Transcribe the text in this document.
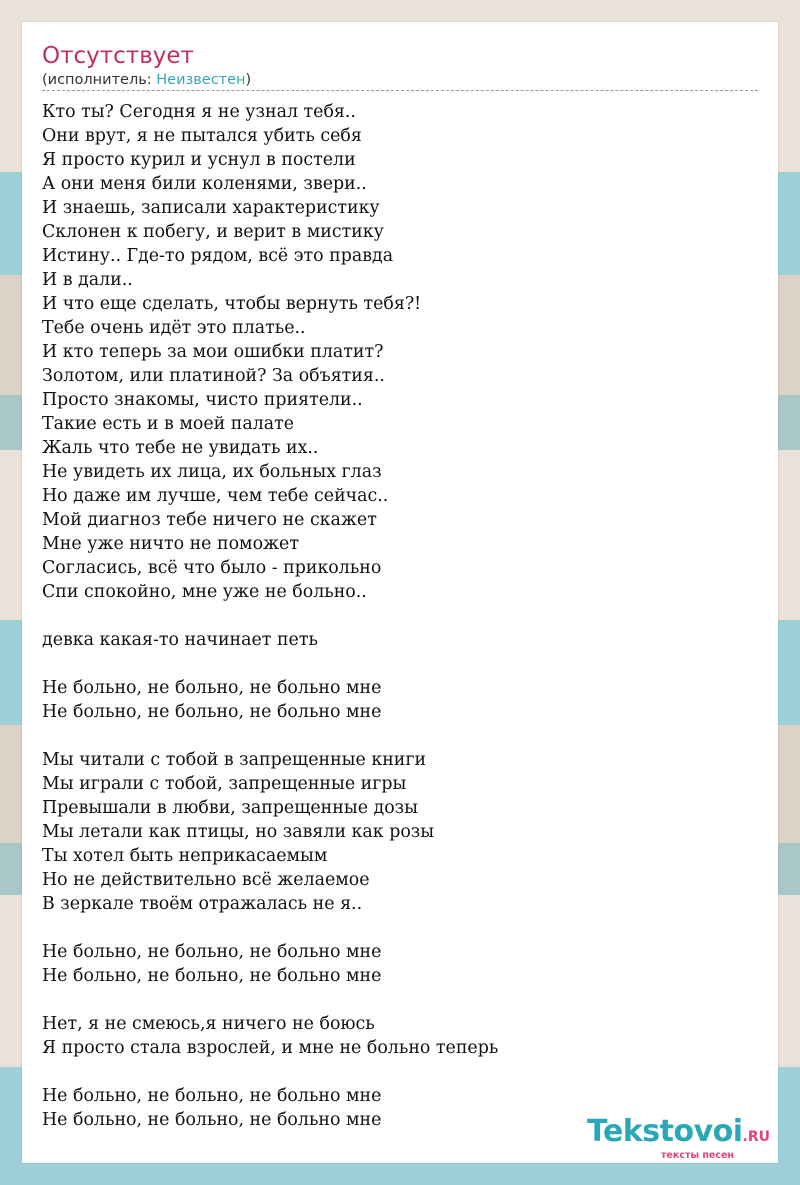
Отсутствует
(исполнитель: Неизвестен)
Кто ты? Сегодня я не узнал тебя..
Они врут, я не пытался убить себя
Я просто курил и уснул в постели
А они меня били коленями, звери..
И знаешь, записали характеристику
Склонен к побегу, и верит в мистику
Истину.. Где-то рядом, всё это правда
И в дали..
И что еще сделать, чтобы вернуть тебя?!
Тебе очень идёт это платье..
И кто теперь за мои ошибки платит?
Золотом, или платиной? За объятия..
Просто знакомы, чисто приятели..
Такие есть и в моей палате
Жаль что тебе не увидать их..
Не увидеть их лица, их больных глаз
Но даже им лучше, чем тебе сейчас..
Мой диагноз тебе ничего не скажет
Мне уже ничто не поможет
Согласись, всё что было - прикольно
Спи спокойно, мне уже не больно..
девка какая-то начинает петь
Не больно, не больно, не больно мне
Не больно, не больно, не больно мне
Мы читали с тобой в запрещенные книги
Мы играли с тобой, запрещенные игры
Превышали в любви, запрещенные дозы
Мы летали как птицы, но завяли как розы
Ты хотел быть неприкасаемым
Но не действительно всё желаемое
В зеркале твоём отражалась не я..
Не больно, не больно, не больно мне
Не больно, не больно, не больно мне
Нет, я не смеюсь,я ничего не боюсь
Я просто стала взрослей, и мне не больно теперь
Не больно, не больно, не больно мне
Не больно, не больно, не больно мне	Tekstovoi.RU
тексты песен
